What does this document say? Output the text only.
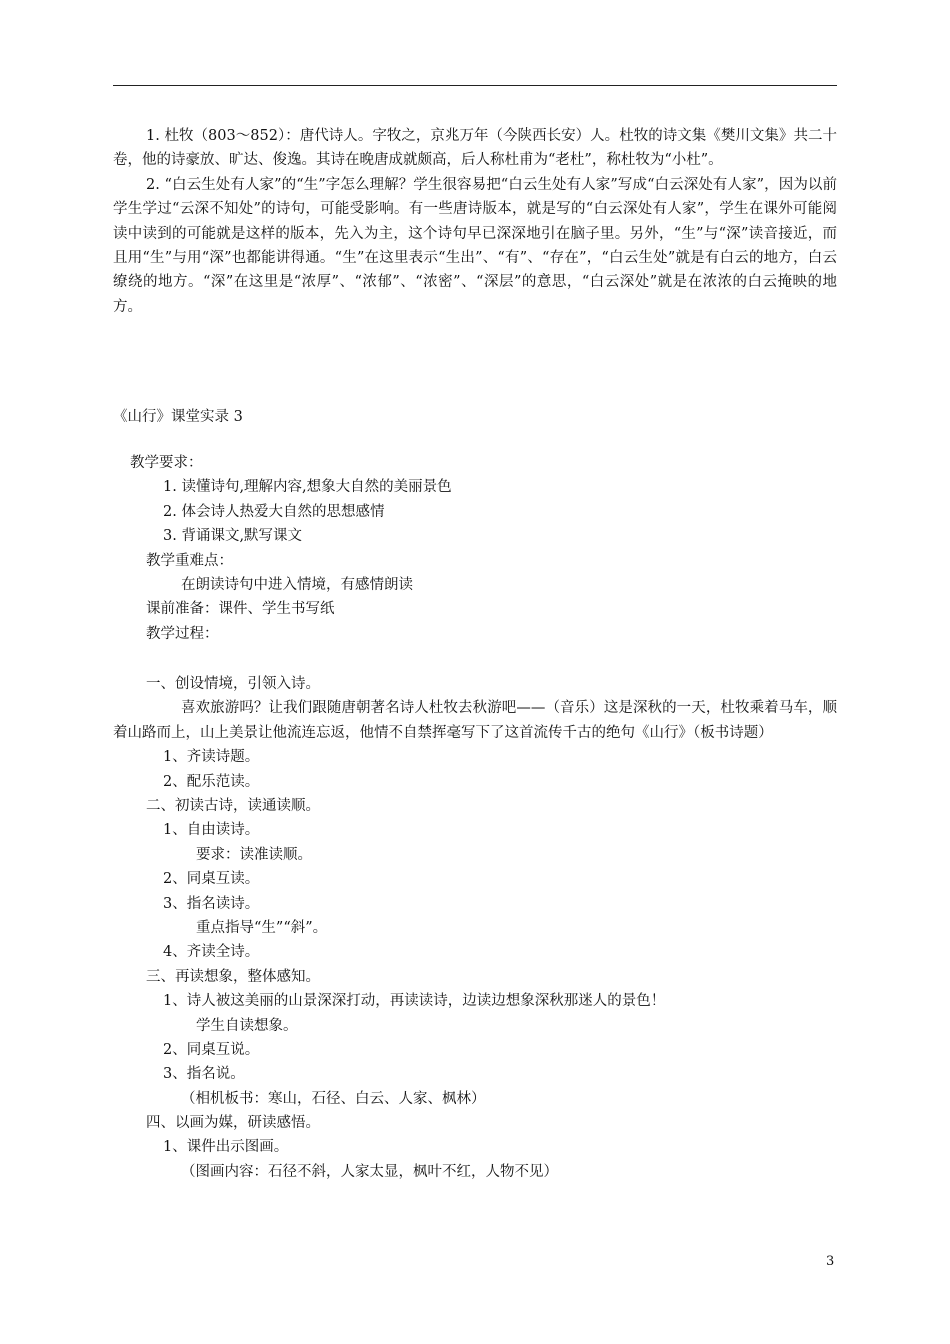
1. 杜牧（803～852）：唐代诗人。字牧之，京兆万年（今陕西长安）人。杜牧的诗文集《樊川文集》共二十卷，他的诗豪放、旷达、俊逸。其诗在晚唐成就颇高，后人称杜甫为“老杜”，称杜牧为“小杜”。

2. “白云生处有人家”的“生”字怎么理解？学生很容易把“白云生处有人家”写成“白云深处有人家”，因为以前学生学过“云深不知处”的诗句，可能受影响。有一些唐诗版本，就是写的“白云深处有人家”，学生在课外可能阅读中读到的可能就是这样的版本，先入为主，这个诗句早已深深地引在脑子里。另外，“生”与“深”读音接近，而且用“生”与用“深”也都能讲得通。“生”在这里表示“生出”、“有”、“存在”，“白云生处”就是有白云的地方，白云缭绕的地方。“深”在这里是“浓厚”、“浓郁”、“浓密”、“深层”的意思，“白云深处”就是在浓浓的白云掩映的地方。

《山行》课堂实录 3
教学要求：
1. 读懂诗句,理解内容,想象大自然的美丽景色
2. 体会诗人热爱大自然的思想感情
3. 背诵课文,默写课文
教学重难点：
在朗读诗句中进入情境，有感情朗读
课前准备：课件、学生书写纸
教学过程：
一、创设情境，引领入诗。

喜欢旅游吗？让我们跟随唐朝著名诗人杜牧去秋游吧——（音乐）这是深秋的一天，杜牧乘着马车，顺着山路而上，山上美景让他流连忘返，他情不自禁挥毫写下了这首流传千古的绝句《山行》（板书诗题）

1、齐读诗题。
2、配乐范读。
二、初读古诗，读通读顺。
1、自由读诗。
要求：读准读顺。
2、同桌互读。
3、指名读诗。
重点指导“生”“斜”。
4、齐读全诗。
三、再读想象，整体感知。
1、诗人被这美丽的山景深深打动，再读读诗，边读边想象深秋那迷人的景色！
学生自读想象。
2、同桌互说。
3、指名说。
（相机板书：寒山，石径、白云、人家、枫林）
四、以画为媒，研读感悟。
1、课件出示图画。
（图画内容：石径不斜，人家太显，枫叶不红，人物不见）
3
